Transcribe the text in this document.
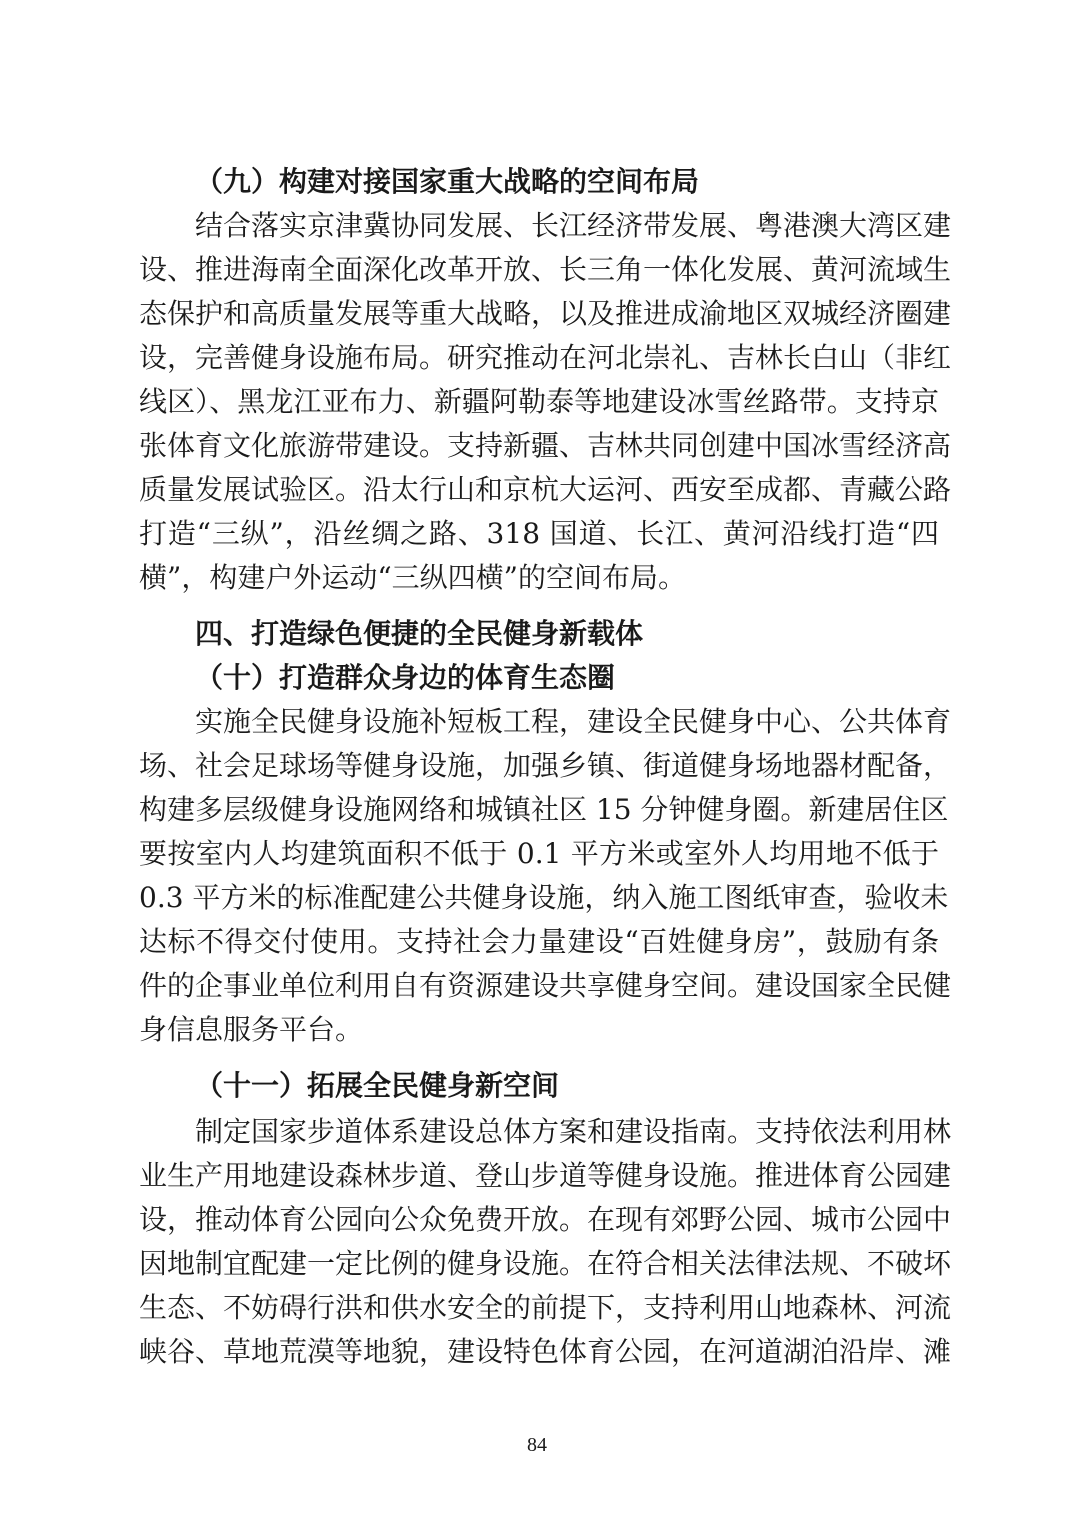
（九）构建对接国家重大战略的空间布局
结合落实京津冀协同发展、长江经济带发展、粤港澳大湾区建
设、推进海南全面深化改革开放、长三角一体化发展、黄河流域生
态保护和高质量发展等重大战略，以及推进成渝地区双城经济圈建
设，完善健身设施布局。研究推动在河北崇礼、吉林长白山（非红
线区）、黑龙江亚布力、新疆阿勒泰等地建设冰雪丝路带。支持京
张体育文化旅游带建设。支持新疆、吉林共同创建中国冰雪经济高
质量发展试验区。沿太行山和京杭大运河、西安至成都、青藏公路
打造“三纵”，沿丝绸之路、318 国道、长江、黄河沿线打造“四
横”，构建户外运动“三纵四横”的空间布局。
四、打造绿色便捷的全民健身新载体
（十）打造群众身边的体育生态圈
实施全民健身设施补短板工程，建设全民健身中心、公共体育
场、社会足球场等健身设施，加强乡镇、街道健身场地器材配备，
构建多层级健身设施网络和城镇社区 15 分钟健身圈。新建居住区
要按室内人均建筑面积不低于 0.1 平方米或室外人均用地不低于
0.3 平方米的标准配建公共健身设施，纳入施工图纸审查，验收未
达标不得交付使用。支持社会力量建设“百姓健身房”，鼓励有条
件的企事业单位利用自有资源建设共享健身空间。建设国家全民健
身信息服务平台。
（十一）拓展全民健身新空间
制定国家步道体系建设总体方案和建设指南。支持依法利用林
业生产用地建设森林步道、登山步道等健身设施。推进体育公园建
设，推动体育公园向公众免费开放。在现有郊野公园、城市公园中
因地制宜配建一定比例的健身设施。在符合相关法律法规、不破坏
生态、不妨碍行洪和供水安全的前提下，支持利用山地森林、河流
峡谷、草地荒漠等地貌，建设特色体育公园，在河道湖泊沿岸、滩
84
